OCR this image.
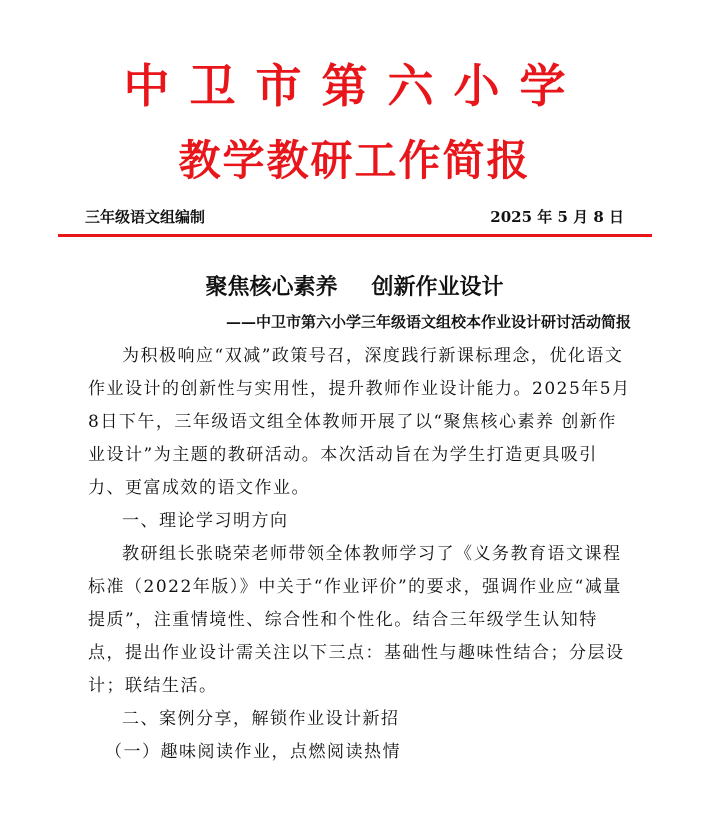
中卫市第六小学
教学教研工作简报
三年级语文组编制	2025 年 5 月 8 日
聚焦核心素养 创新作业设计
——中卫市第六小学三年级语文组校本作业设计研讨活动简报

为积极响应“双减”政策号召，深度践行新课标理念，优化语文作业设计的创新性与实用性，提升教师作业设计能力。2025年5月8日下午，三年级语文组全体教师开展了以“聚焦核心素养 创新作业设计”为主题的教研活动。本次活动旨在为学生打造更具吸引力、更富成效的语文作业。

一、理论学习明方向

教研组长张晓荣老师带领全体教师学习了《义务教育语文课程标准（2022年版）》中关于“作业评价”的要求，强调作业应“减量提质”，注重情境性、综合性和个性化。结合三年级学生认知特点，提出作业设计需关注以下三点：基础性与趣味性结合；分层设计；联结生活。

二、案例分享，解锁作业设计新招

（一）趣味阅读作业，点燃阅读热情
